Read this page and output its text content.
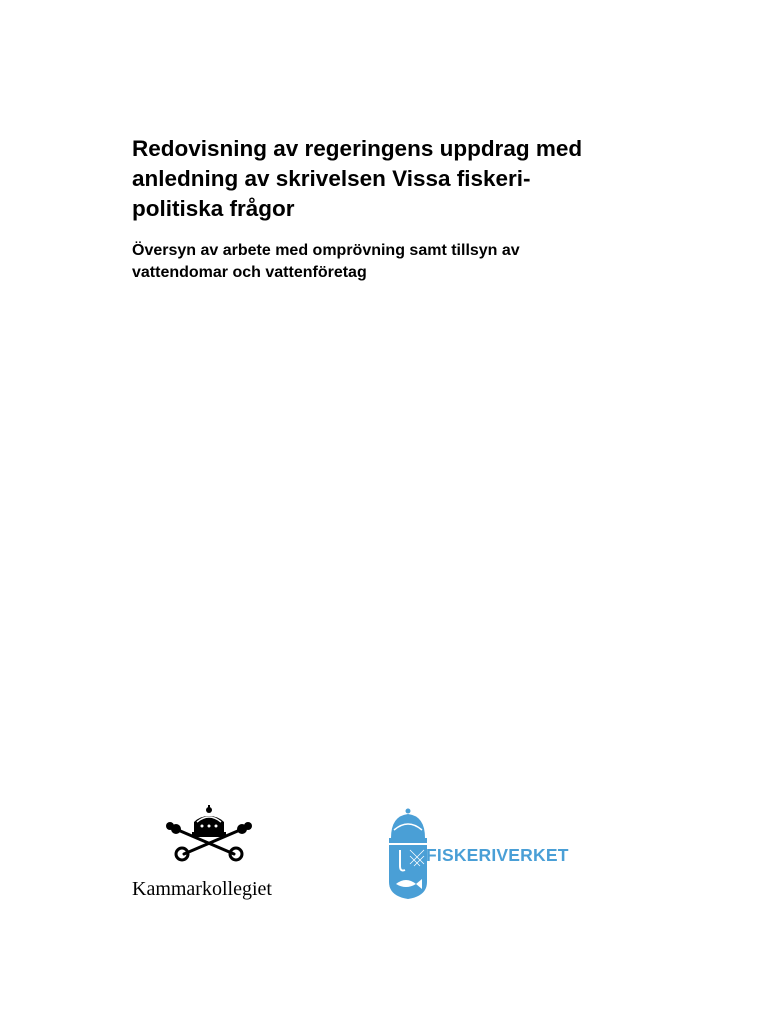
Redovisning av regeringens uppdrag med
anledning av skrivelsen Vissa fiskeri-
politiska frågor
Översyn av arbete med omprövning samt tillsyn av
vattendomar och vattenföretag
Kammarkollegiet
FISKERIVERKET
